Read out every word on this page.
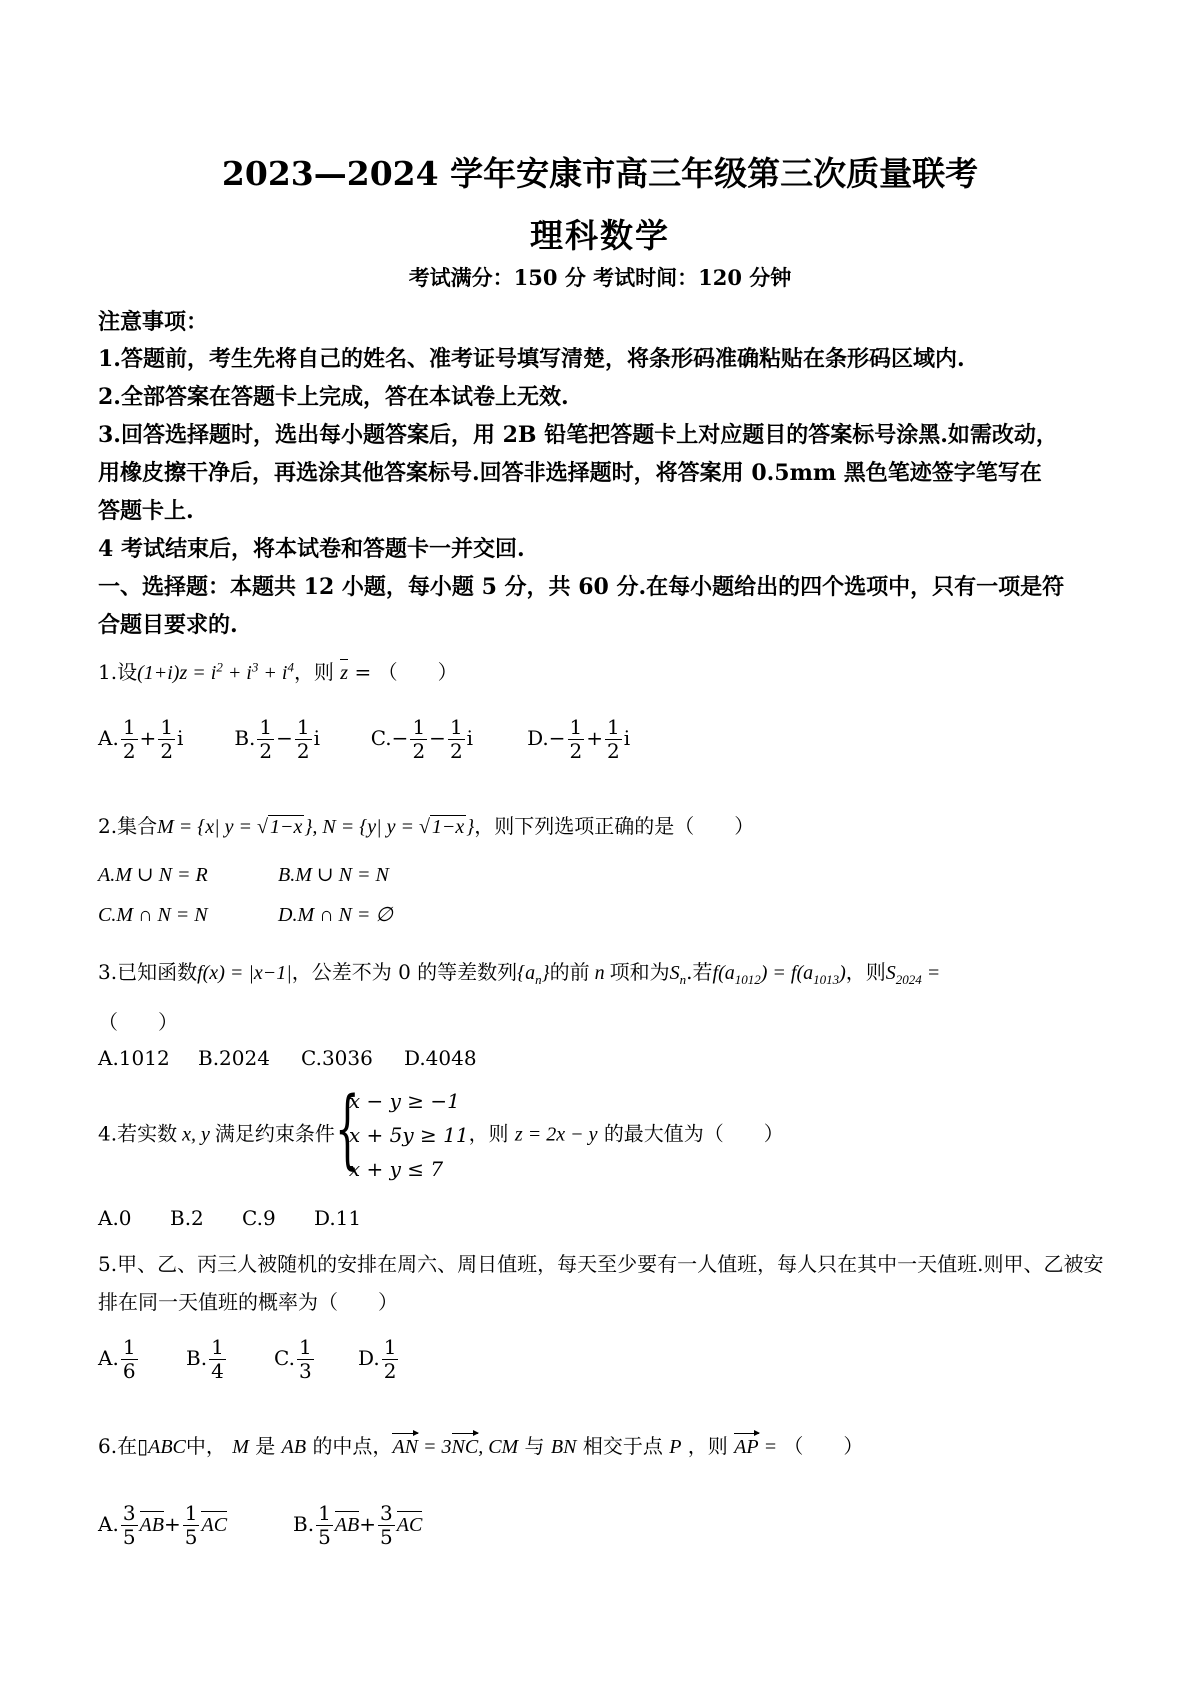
2023—2024 学年安康市高三年级第三次质量联考
理科数学
考试满分：150 分 考试时间：120 分钟
注意事项：
1.答题前，考生先将自己的姓名、准考证号填写清楚，将条形码准确粘贴在条形码区域内.
2.全部答案在答题卡上完成，答在本试卷上无效.
3.回答选择题时，选出每小题答案后，用 2B 铅笔把答题卡上对应题目的答案标号涂黑.如需改动，
用橡皮擦干净后，再选涂其他答案标号.回答非选择题时，将答案用 0.5mm 黑色笔迹签字笔写在
答题卡上.
4 考试结束后，将本试卷和答题卡一并交回.
一、选择题：本题共 12 小题，每小题 5 分，共 60 分.在每小题给出的四个选项中，只有一项是符
合题目要求的.
1.设$(1+i)z = i^2 + i^3 + i^4$，则 z = （　　）
A. $\frac{1}{2} + \frac{1}{2}$ i	B. $\frac{1}{2} - \frac{1}{2}$ i	$C.- \frac{1}{2} - \frac{1}{2}$ i	$D.- \frac{1}{2} + \frac{1}{2}$ i
2.集合M = {x| y = √ 1−x }, N = {y| y = √ 1−x }，则下列选项正确的是（　　）
A.M ∪ N = R	B.M ∪ N = N
C.M ∩ N = N	D.M ∩ N = ∅
3.已知函数f(x) = |x−1|，公差不为 0 的等差数列$\{a_n\}$的前 n 项和为$S_n$.若$f(a_{1012}) = f(a_{1013})$，则$S_{2024}$ =
（　　）
A.1012 B.2024 C.3036 D.4048
4.若实数 x, y 满足约束条件 {
x − y ≥ −1
x + 5y ≥ 11
x + y ≤ 7
，则 z = 2x − y 的最大值为（　　）
A.0 B.2 C.9 D.11
5.甲、乙、丙三人被随机的安排在周六、周日值班，每天至少要有一人值班，每人只在其中一天值班.则甲、乙被安
排在同一天值班的概率为（　　）
A. $\frac{1}{6} B$. $\frac{1}{4} C$. $\frac{1}{3} D$. $\frac{1}{2}$
6.在▯ABC中， M 是 AB 的中点，AN = 3NC, CM 与 BN 相交于点 P ，则 AP = （　　）
A. $\frac{3}{5} AB+ \frac{1}{5}$ AC	B. $\frac{1}{5} AB+ \frac{3}{5}$ AC
